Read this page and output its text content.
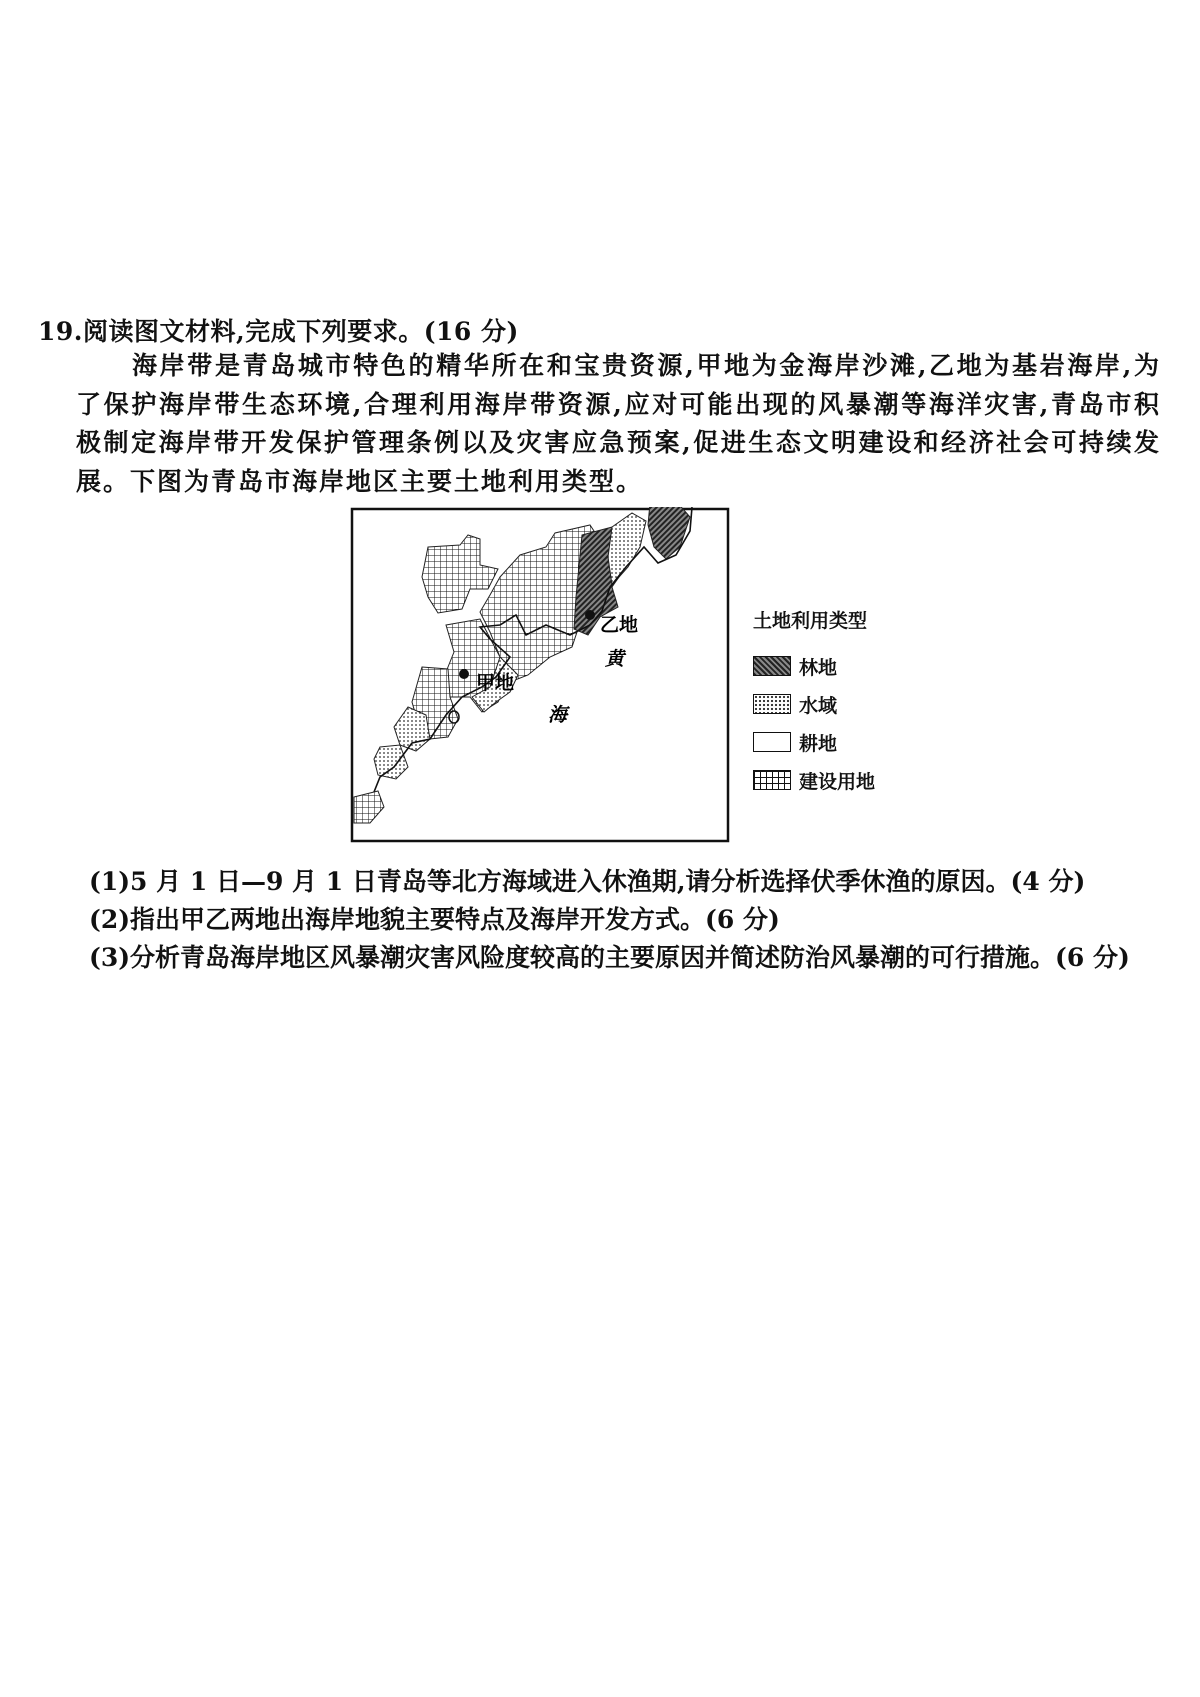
19.阅读图文材料,完成下列要求。(16 分)
海岸带是青岛城市特色的精华所在和宝贵资源,甲地为金海岸沙滩,乙地为基岩海岸,为了保护海岸带生态环境,合理利用海岸带资源,应对可能出现的风暴潮等海洋灾害,青岛市积极制定海岸带开发保护管理条例以及灾害应急预案,促进生态文明建设和经济社会可持续发展。下图为青岛市海岸地区主要土地利用类型。
乙地
甲地
黄
海
土地利用类型
林地
水域
耕地
建设用地
(1)5 月 1 日—9 月 1 日青岛等北方海域进入休渔期,请分析选择伏季休渔的原因。(4 分)
(2)指出甲乙两地出海岸地貌主要特点及海岸开发方式。(6 分)
(3)分析青岛海岸地区风暴潮灾害风险度较高的主要原因并简述防治风暴潮的可行措施。(6 分)
